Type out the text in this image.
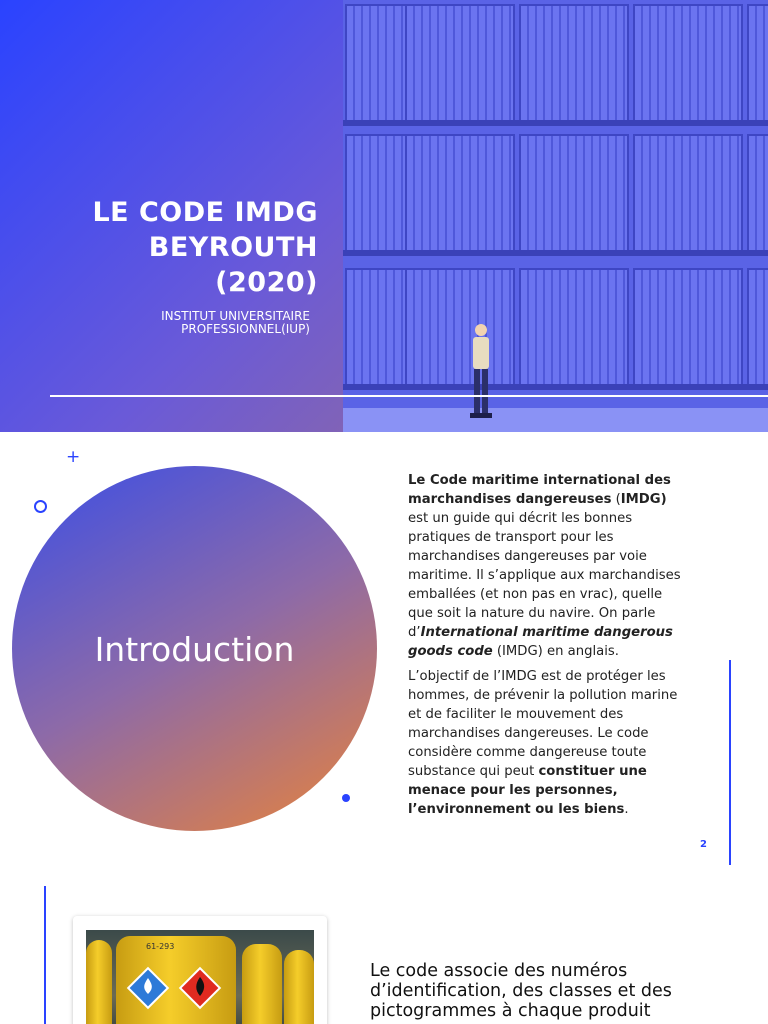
LE CODE IMDG
BEYROUTH
(2020)
INSTITUT UNIVERSITAIRE
PROFESSIONNEL(IUP)
+
Introduction

Le Code maritime international des marchandises dangereuses (IMDG) est un guide qui décrit les bonnes pratiques de transport pour les marchandises dangereuses par voie maritime. Il s’applique aux marchandises emballées (et non pas en vrac), quelle que soit la nature du navire. On parle d’International maritime dangerous goods code (IMDG) en anglais.

L’objectif de l’IMDG est de protéger les hommes, de prévenir la pollution marine et de faciliter le mouvement des marchandises dangereuses. Le code considère comme dangereuse toute substance qui peut constituer une menace pour les personnes, l’environnement ou les biens.

2
61-293
Le code associe des numéros d’identification, des classes et des pictogrammes à chaque produit
